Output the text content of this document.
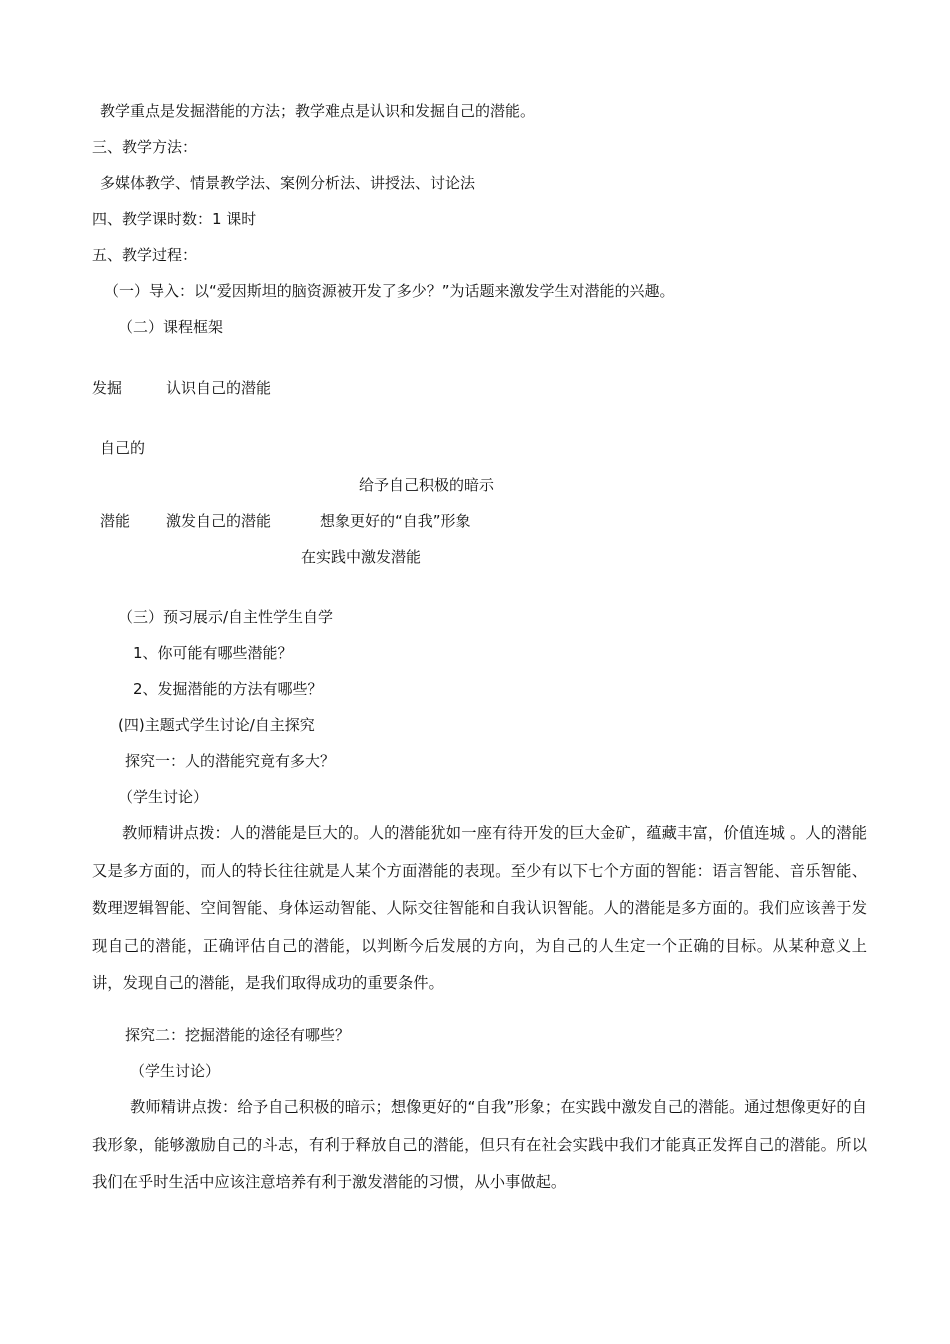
教学重点是发掘潜能的方法；教学难点是认识和发掘自己的潜能。
三、教学方法：
多媒体教学、情景教学法、案例分析法、讲授法、讨论法
四、教学课时数：1 课时
五、教学过程：
（一）导入：以“爱因斯坦的脑资源被开发了多少？”为话题来激发学生对潜能的兴趣。
（二）课程框架
发掘	认识自己的潜能
自己的
给予自己积极的暗示
潜能 激发自己的潜能	想象更好的“自我”形象
在实践中激发潜能
（三）预习展示/自主性学生自学
1、你可能有哪些潜能？
2、发掘潜能的方法有哪些？
(四)主题式学生讨论/自主探究
探究一：人的潜能究竟有多大？
（学生讨论）
教师精讲点拨：人的潜能是巨大的。人的潜能犹如一座有待开发的巨大金矿，蕴藏丰富，价值连城 。人的潜能又是多方面的，而人的特长往往就是人某个方面潜能的表现。至少有以下七个方面的智能：语言智能、音乐智能、数理逻辑智能、空间智能、身体运动智能、人际交往智能和自我认识智能。人的潜能是多方面的。我们应该善于发现自己的潜能，正确评估自己的潜能，以判断今后发展的方向，为自己的人生定一个正确的目标。从某种意义上讲，发现自己的潜能，是我们取得成功的重要条件。
探究二：挖掘潜能的途径有哪些？
（学生讨论）
教师精讲点拨：给予自己积极的暗示；想像更好的“自我”形象；在实践中激发自己的潜能。通过想像更好的自我形象，能够激励自己的斗志，有利于释放自己的潜能，但只有在社会实践中我们才能真正发挥自己的潜能。所以我们在乎时生活中应该注意培养有利于激发潜能的习惯，从小事做起。
